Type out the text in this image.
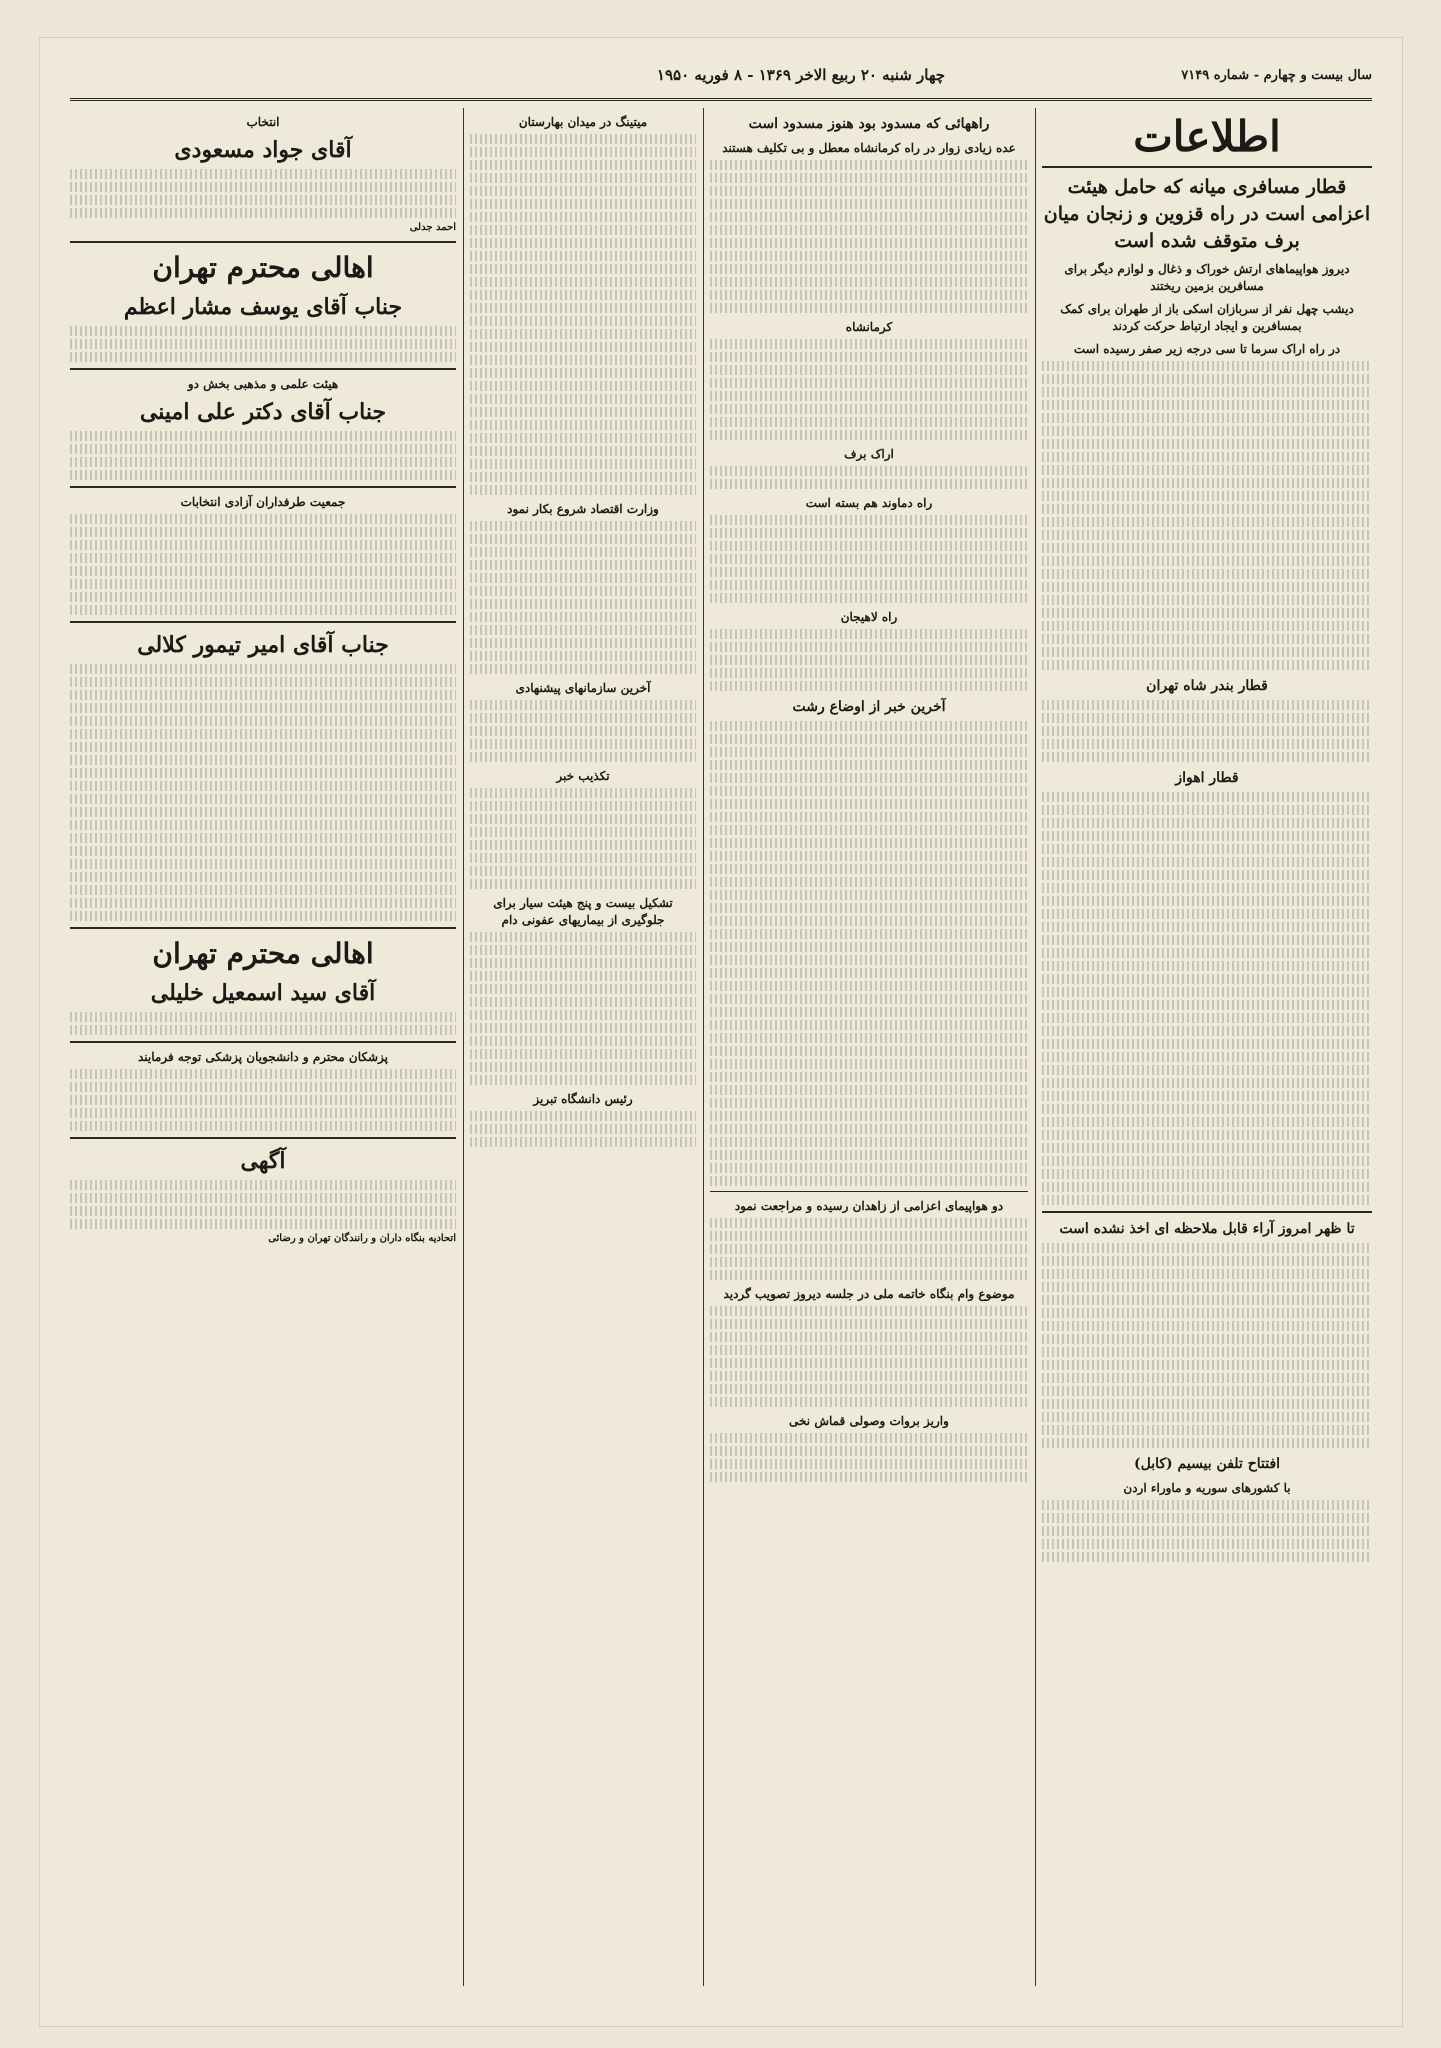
سال بیست و چهارم - شماره ۷۱۴۹
چهار شنبه ۲۰ ربیع الاخر ۱۳۶۹ - ۸ فوریه ۱۹۵۰
اطلاعات
قطار مسافری میانه که حامل هیئت اعزامی است در راه قزوین و زنجان میان برف متوقف شده است
دیروز هواپیماهای ارتش خوراک و ذغال و لوازم دیگر برای مسافرین بزمین ریختند
دیشب چهل نفر از سربازان اسکی باز از طهران برای کمک بمسافرین و ایجاد ارتباط حرکت کردند
در راه اراک سرما تا سی درجه زیر صفر رسیده است
قطار بندر شاه تهران
قطار اهواز
تا ظهر امروز آراء قابل ملاحظه ای اخذ نشده است
افتتاح تلفن بیسیم (کابل)
با کشورهای سوریه و ماوراء اردن
راههائی که مسدود بود هنوز مسدود است
عده زیادی زوار در راه کرمانشاه معطل و بی تکلیف هستند
کرمانشاه
اراک برف
راه دماوند هم بسته است
راه لاهیجان
آخرین خبر از اوضاع رشت
دو هواپیمای اعزامی از زاهدان رسیده و مراجعت نمود
موضوع وام بنگاه خاتمه ملی در جلسه دیروز تصویب گردید
واریز بروات وصولی قماش نخی
میتینگ در میدان بهارستان
وزارت اقتصاد شروع بکار نمود
آخرین سازمانهای پیشنهادی
تکذیب خبر
تشکیل بیست و پنج هیئت سیار برای جلوگیری از بیماریهای عفونی دام
رئیس دانشگاه تبریز
انتخاب
آقای جواد مسعودی
احمد جدلی
اهالی محترم تهران
جناب آقای یوسف مشار اعظم
هیئت علمی و مذهبی بخش دو
جناب آقای دکتر علی امینی
جمعیت طرفداران آزادی انتخابات
جناب آقای امیر تیمور کلالی
اهالی محترم تهران
آقای سید اسمعیل خلیلی
پزشکان محترم و دانشجویان پزشکی توجه فرمایند
آگهی
اتحادیه بنگاه داران و رانندگان تهران و رضائی
